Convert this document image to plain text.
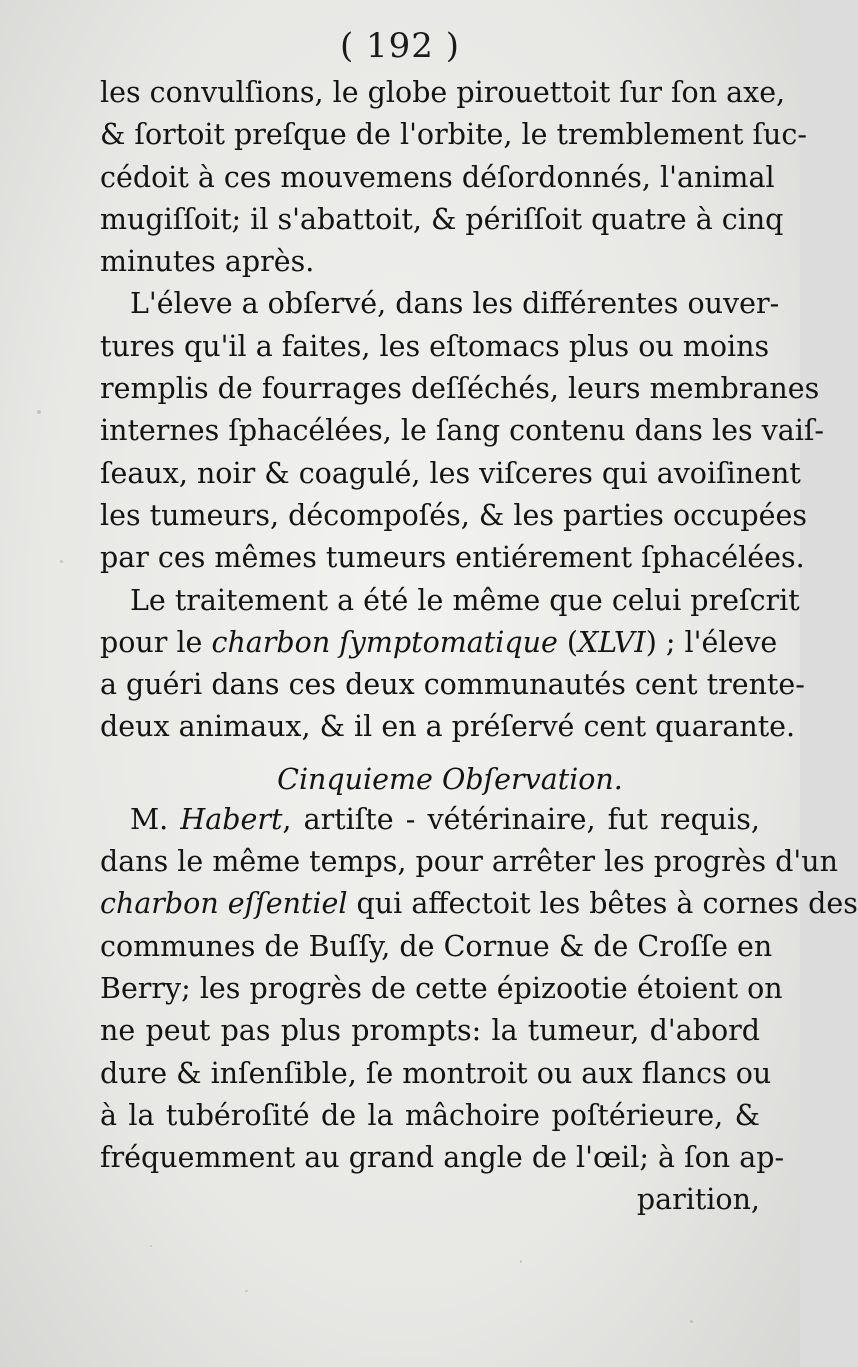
( 192 )
les convulſions, le globe pirouettoit ſur ſon axe,
& ſortoit preſque de l'orbite, le tremblement ſuc-
cédoit à ces mouvemens déſordonnés, l'animal
mugiſſoit; il s'abattoit, & périſſoit quatre à cinq
minutes après.
L'éleve a obſervé, dans les différentes ouver-
tures qu'il a faites, les eſtomacs plus ou moins
remplis de fourrages deſſéchés, leurs membranes
internes ſphacélées, le ſang contenu dans les vaiſ-
ſeaux, noir & coagulé, les viſceres qui avoiſinent
les tumeurs, décompoſés, & les parties occupées
par ces mêmes tumeurs entiérement ſphacélées.
Le traitement a été le même que celui preſcrit
pour le charbon ſymptomatique (XLVI) ; l'éleve
a guéri dans ces deux communautés cent trente-
deux animaux, & il en a préſervé cent quarante.
Cinquieme Obſervation.
M. Habert, artiſte - vétérinaire, fut requis,
dans le même temps, pour arrêter les progrès d'un
charbon eſſentiel qui affectoit les bêtes à cornes des
communes de Buſſy, de Cornue & de Croſſe en
Berry; les progrès de cette épizootie étoient on
ne peut pas plus prompts: la tumeur, d'abord
dure & inſenſible, ſe montroit ou aux flancs ou
à la tubéroſité de la mâchoire poſtérieure, &
fréquemment au grand angle de l'œil; à ſon ap-
parition,
